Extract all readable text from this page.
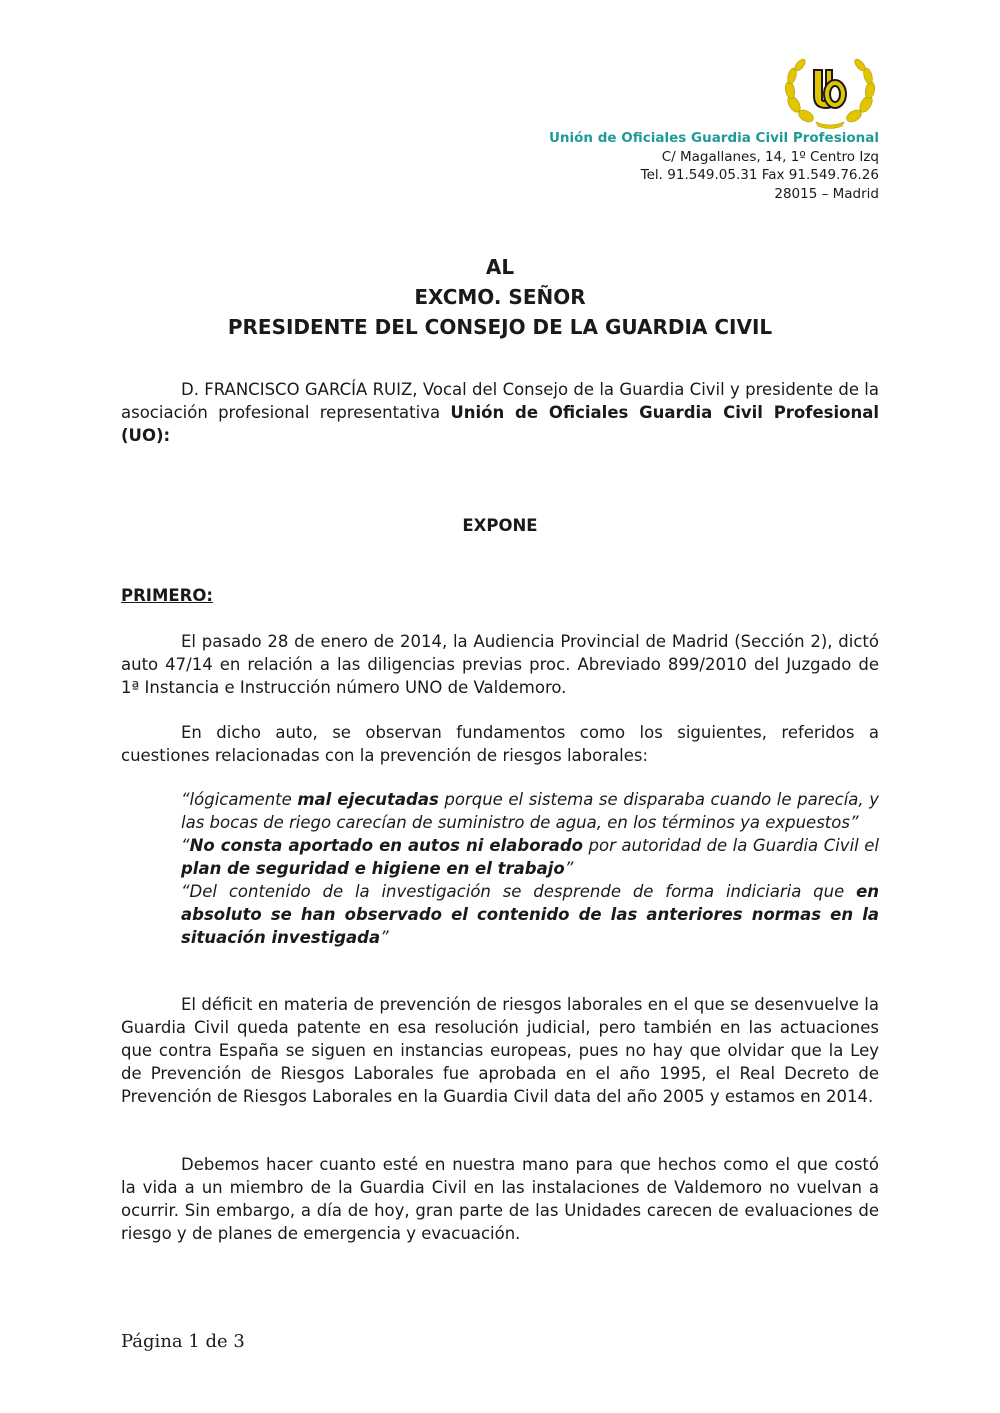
Unión de Oficiales Guardia Civil Profesional
C/ Magallanes, 14, 1º Centro Izq
Tel. 91.549.05.31 Fax 91.549.76.26
28015 – Madrid
AL
EXCMO. SEÑOR
PRESIDENTE DEL CONSEJO DE LA GUARDIA CIVIL

D. FRANCISCO GARCÍA RUIZ, Vocal del Consejo de la Guardia Civil y presidente de la asociación profesional representativa Unión de Oficiales Guardia Civil Profesional (UO):

EXPONE
PRIMERO:

El pasado 28 de enero de 2014, la Audiencia Provincial de Madrid (Sección 2), dictó auto 47/14 en relación a las diligencias previas proc. Abreviado 899/2010 del Juzgado de 1ª Instancia e Instrucción número UNO de Valdemoro.

En dicho auto, se observan fundamentos como los siguientes, referidos a cuestiones relacionadas con la prevención de riesgos laborales:

“lógicamente mal ejecutadas porque el sistema se disparaba cuando le parecía, y las bocas de riego carecían de suministro de agua, en los términos ya expuestos”

“No consta aportado en autos ni elaborado por autoridad de la Guardia Civil el plan de seguridad e higiene en el trabajo”

“Del contenido de la investigación se desprende de forma indiciaria que en absoluto se han observado el contenido de las anteriores normas en la situación investigada”

El déficit en materia de prevención de riesgos laborales en el que se desenvuelve la Guardia Civil queda patente en esa resolución judicial, pero también en las actuaciones que contra España se siguen en instancias europeas, pues no hay que olvidar que la Ley de Prevención de Riesgos Laborales fue aprobada en el año 1995, el Real Decreto de Prevención de Riesgos Laborales en la Guardia Civil data del año 2005 y estamos en 2014.

Debemos hacer cuanto esté en nuestra mano para que hechos como el que costó la vida a un miembro de la Guardia Civil en las instalaciones de Valdemoro no vuelvan a ocurrir. Sin embargo, a día de hoy, gran parte de las Unidades carecen de evaluaciones de riesgo y de planes de emergencia y evacuación.

Página 1 de 3
